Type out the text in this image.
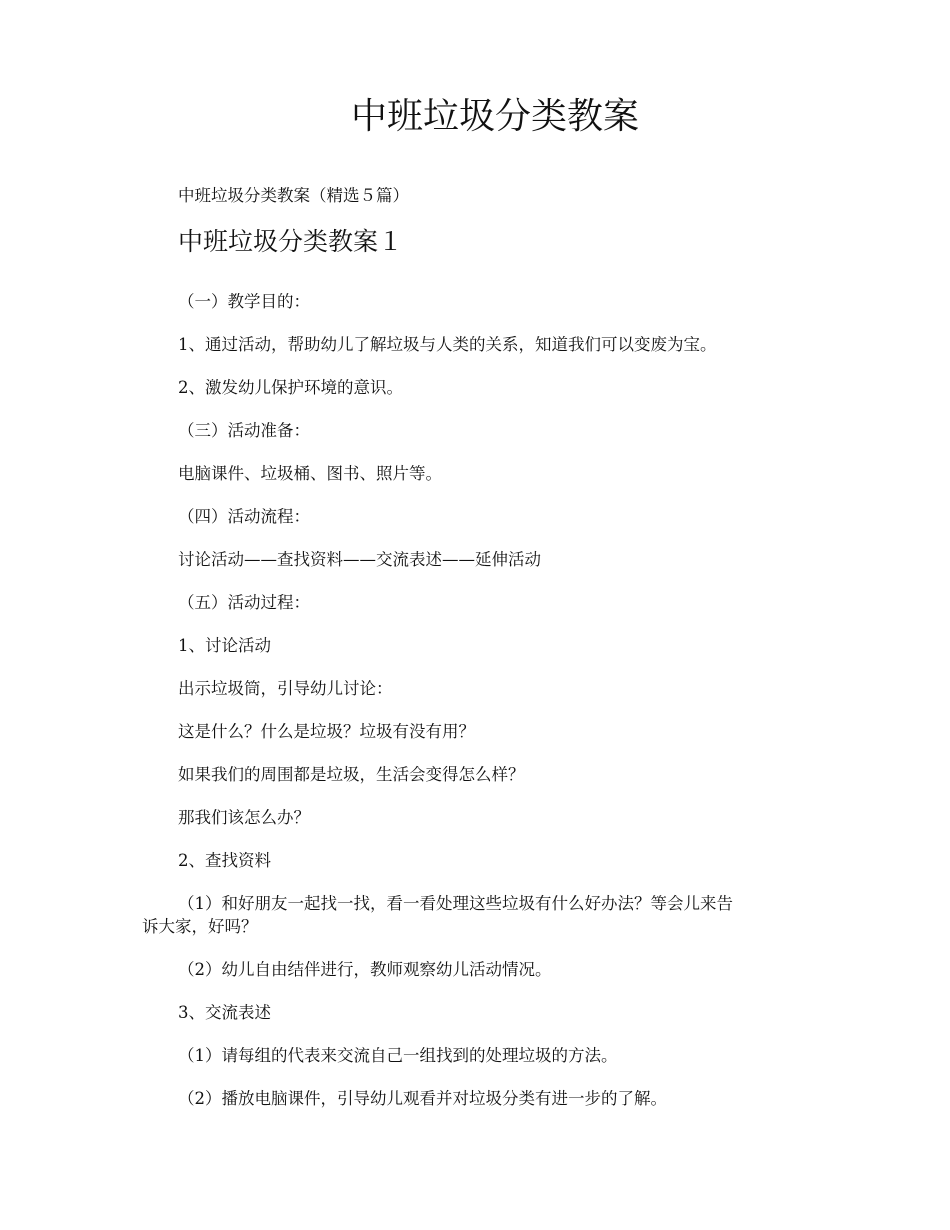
中班垃圾分类教案

中班垃圾分类教案（精选５篇）

中班垃圾分类教案１

（一）教学目的：

1、通过活动，帮助幼儿了解垃圾与人类的关系，知道我们可以变废为宝。

2、激发幼儿保护环境的意识。

（三）活动准备：

电脑课件、垃圾桶、图书、照片等。

（四）活动流程：

讨论活动——查找资料——交流表述——延伸活动

（五）活动过程：

1、讨论活动

出示垃圾筒，引导幼儿讨论：

这是什么？什么是垃圾？垃圾有没有用？

如果我们的周围都是垃圾，生活会变得怎么样？

那我们该怎么办？

2、查找资料

（1）和好朋友一起找一找，看一看处理这些垃圾有什么好办法？等会儿来告

诉大家，好吗？

（2）幼儿自由结伴进行，教师观察幼儿活动情况。

3、交流表述

（1）请每组的代表来交流自己一组找到的处理垃圾的方法。

（2）播放电脑课件，引导幼儿观看并对垃圾分类有进一步的了解。
